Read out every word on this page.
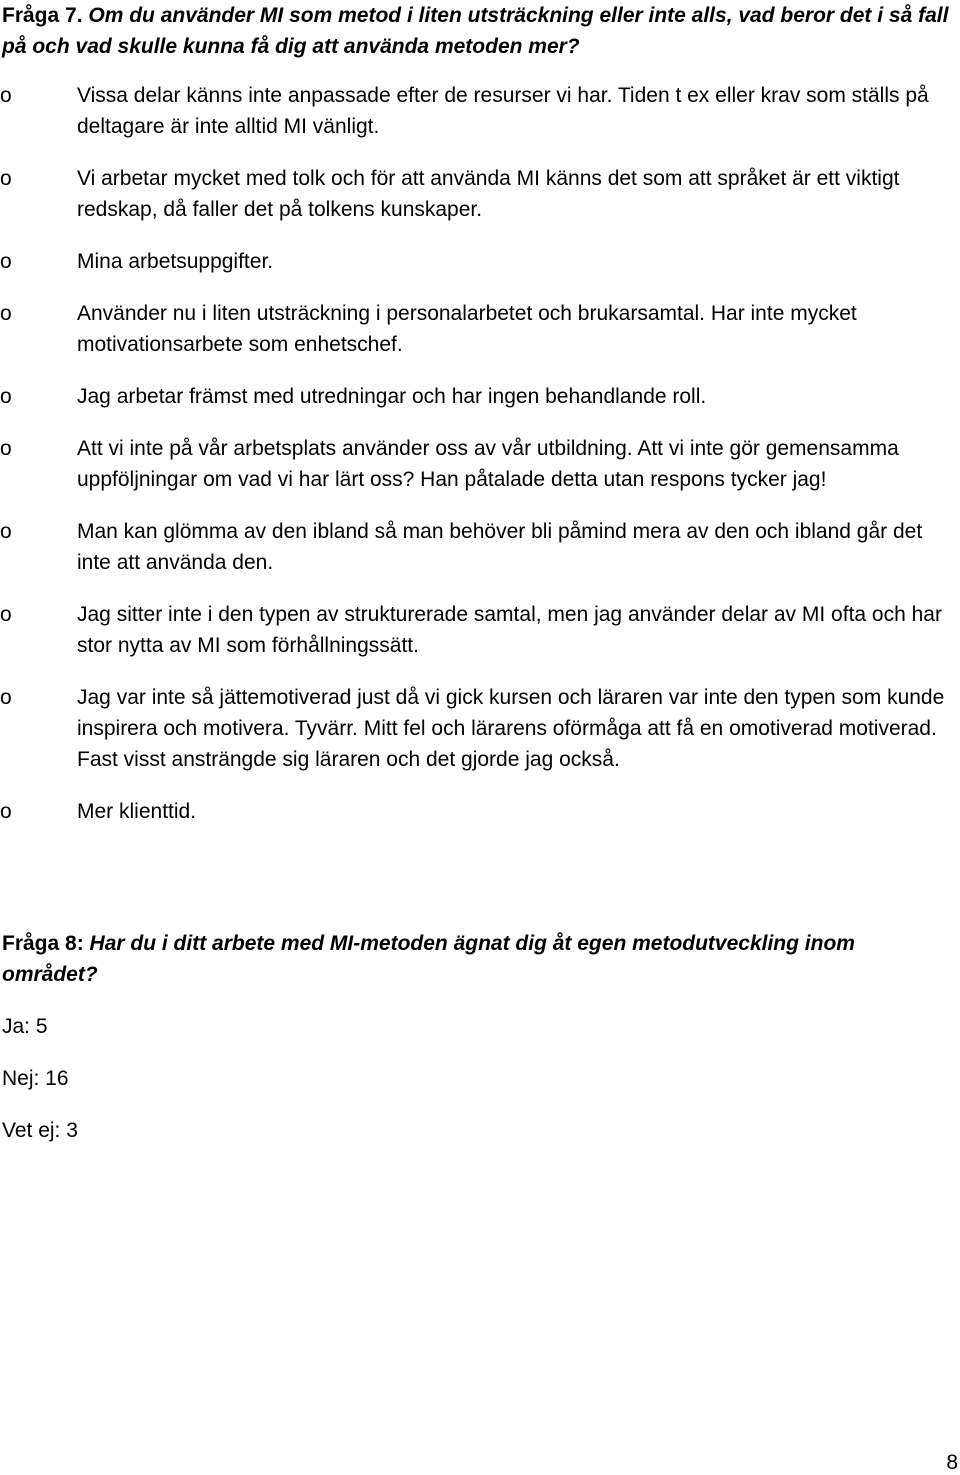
Fråga 7. Om du använder MI som metod i liten utsträckning eller inte alls, vad beror det i så fall på och vad skulle kunna få dig att använda metoden mer?

o	Vissa delar känns inte anpassade efter de resurser vi har. Tiden t ex eller krav som ställs på deltagare är inte alltid MI vänligt.
o	Vi arbetar mycket med tolk och för att använda MI känns det som att språket är ett viktigt redskap, då faller det på tolkens kunskaper.
o	Mina arbetsuppgifter.
o	Använder nu i liten utsträckning i personalarbetet och brukarsamtal. Har inte mycket motivationsarbete som enhetschef.
o	Jag arbetar främst med utredningar och har ingen behandlande roll.
o	Att vi inte på vår arbetsplats använder oss av vår utbildning. Att vi inte gör gemensamma uppföljningar om vad vi har lärt oss? Han påtalade detta utan respons tycker jag!
o	Man kan glömma av den ibland så man behöver bli påmind mera av den och ibland går det inte att använda den.
o	Jag sitter inte i den typen av strukturerade samtal, men jag använder delar av MI ofta och har stor nytta av MI som förhållningssätt.
o	Jag var inte så jättemotiverad just då vi gick kursen och läraren var inte den typen som kunde inspirera och motivera. Tyvärr. Mitt fel och lärarens oförmåga att få en omotiverad motiverad. Fast visst ansträngde sig läraren och det gjorde jag också.
o	Mer klienttid.

Fråga 8: Har du i ditt arbete med MI-metoden ägnat dig åt egen metodutveckling inom området?

Ja: 5

Nej: 16

Vet ej: 3

8
